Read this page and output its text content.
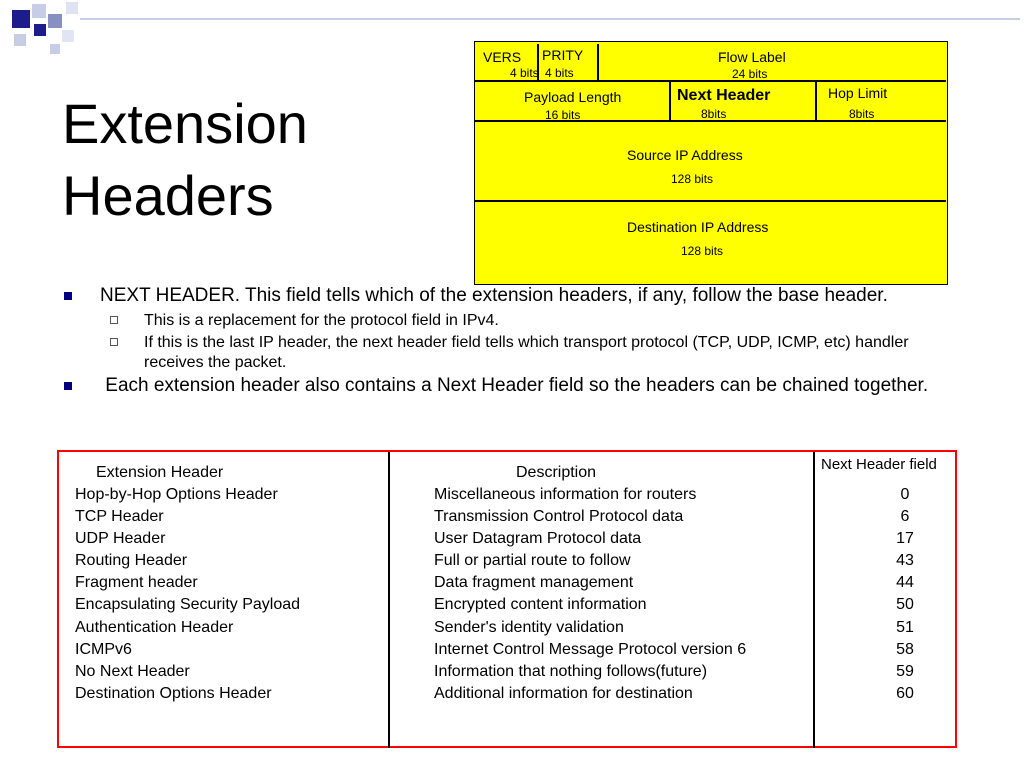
Extension
Headers
VERS
4 bits
PRITY
4 bits
Flow Label
24 bits
Payload Length
16 bits
Next Header
8bits
Hop Limit
8bits
Source IP Address
128 bits
Destination IP Address
128 bits
NEXT HEADER. This field tells which of the extension headers, if any, follow the base header.
This is a replacement for the protocol field in IPv4.
If this is the last IP header, the next header field tells which transport protocol (TCP, UDP, ICMP, etc) handler receives the packet.
Each extension header also contains a Next Header field so the headers can be chained together.
Extension Header	Description	Next Header field
Hop-by-Hop Options Header	Miscellaneous information for routers	0
TCP Header	Transmission Control Protocol data	6
UDP Header	User Datagram Protocol data	17
Routing Header	Full or partial route to follow	43
Fragment header	Data fragment management	44
Encapsulating Security Payload	Encrypted content information	50
Authentication Header	Sender's identity validation	51
ICMPv6	Internet Control Message Protocol version 6	58
No Next Header	Information that nothing follows(future)	59
Destination Options Header	Additional information for destination	60
